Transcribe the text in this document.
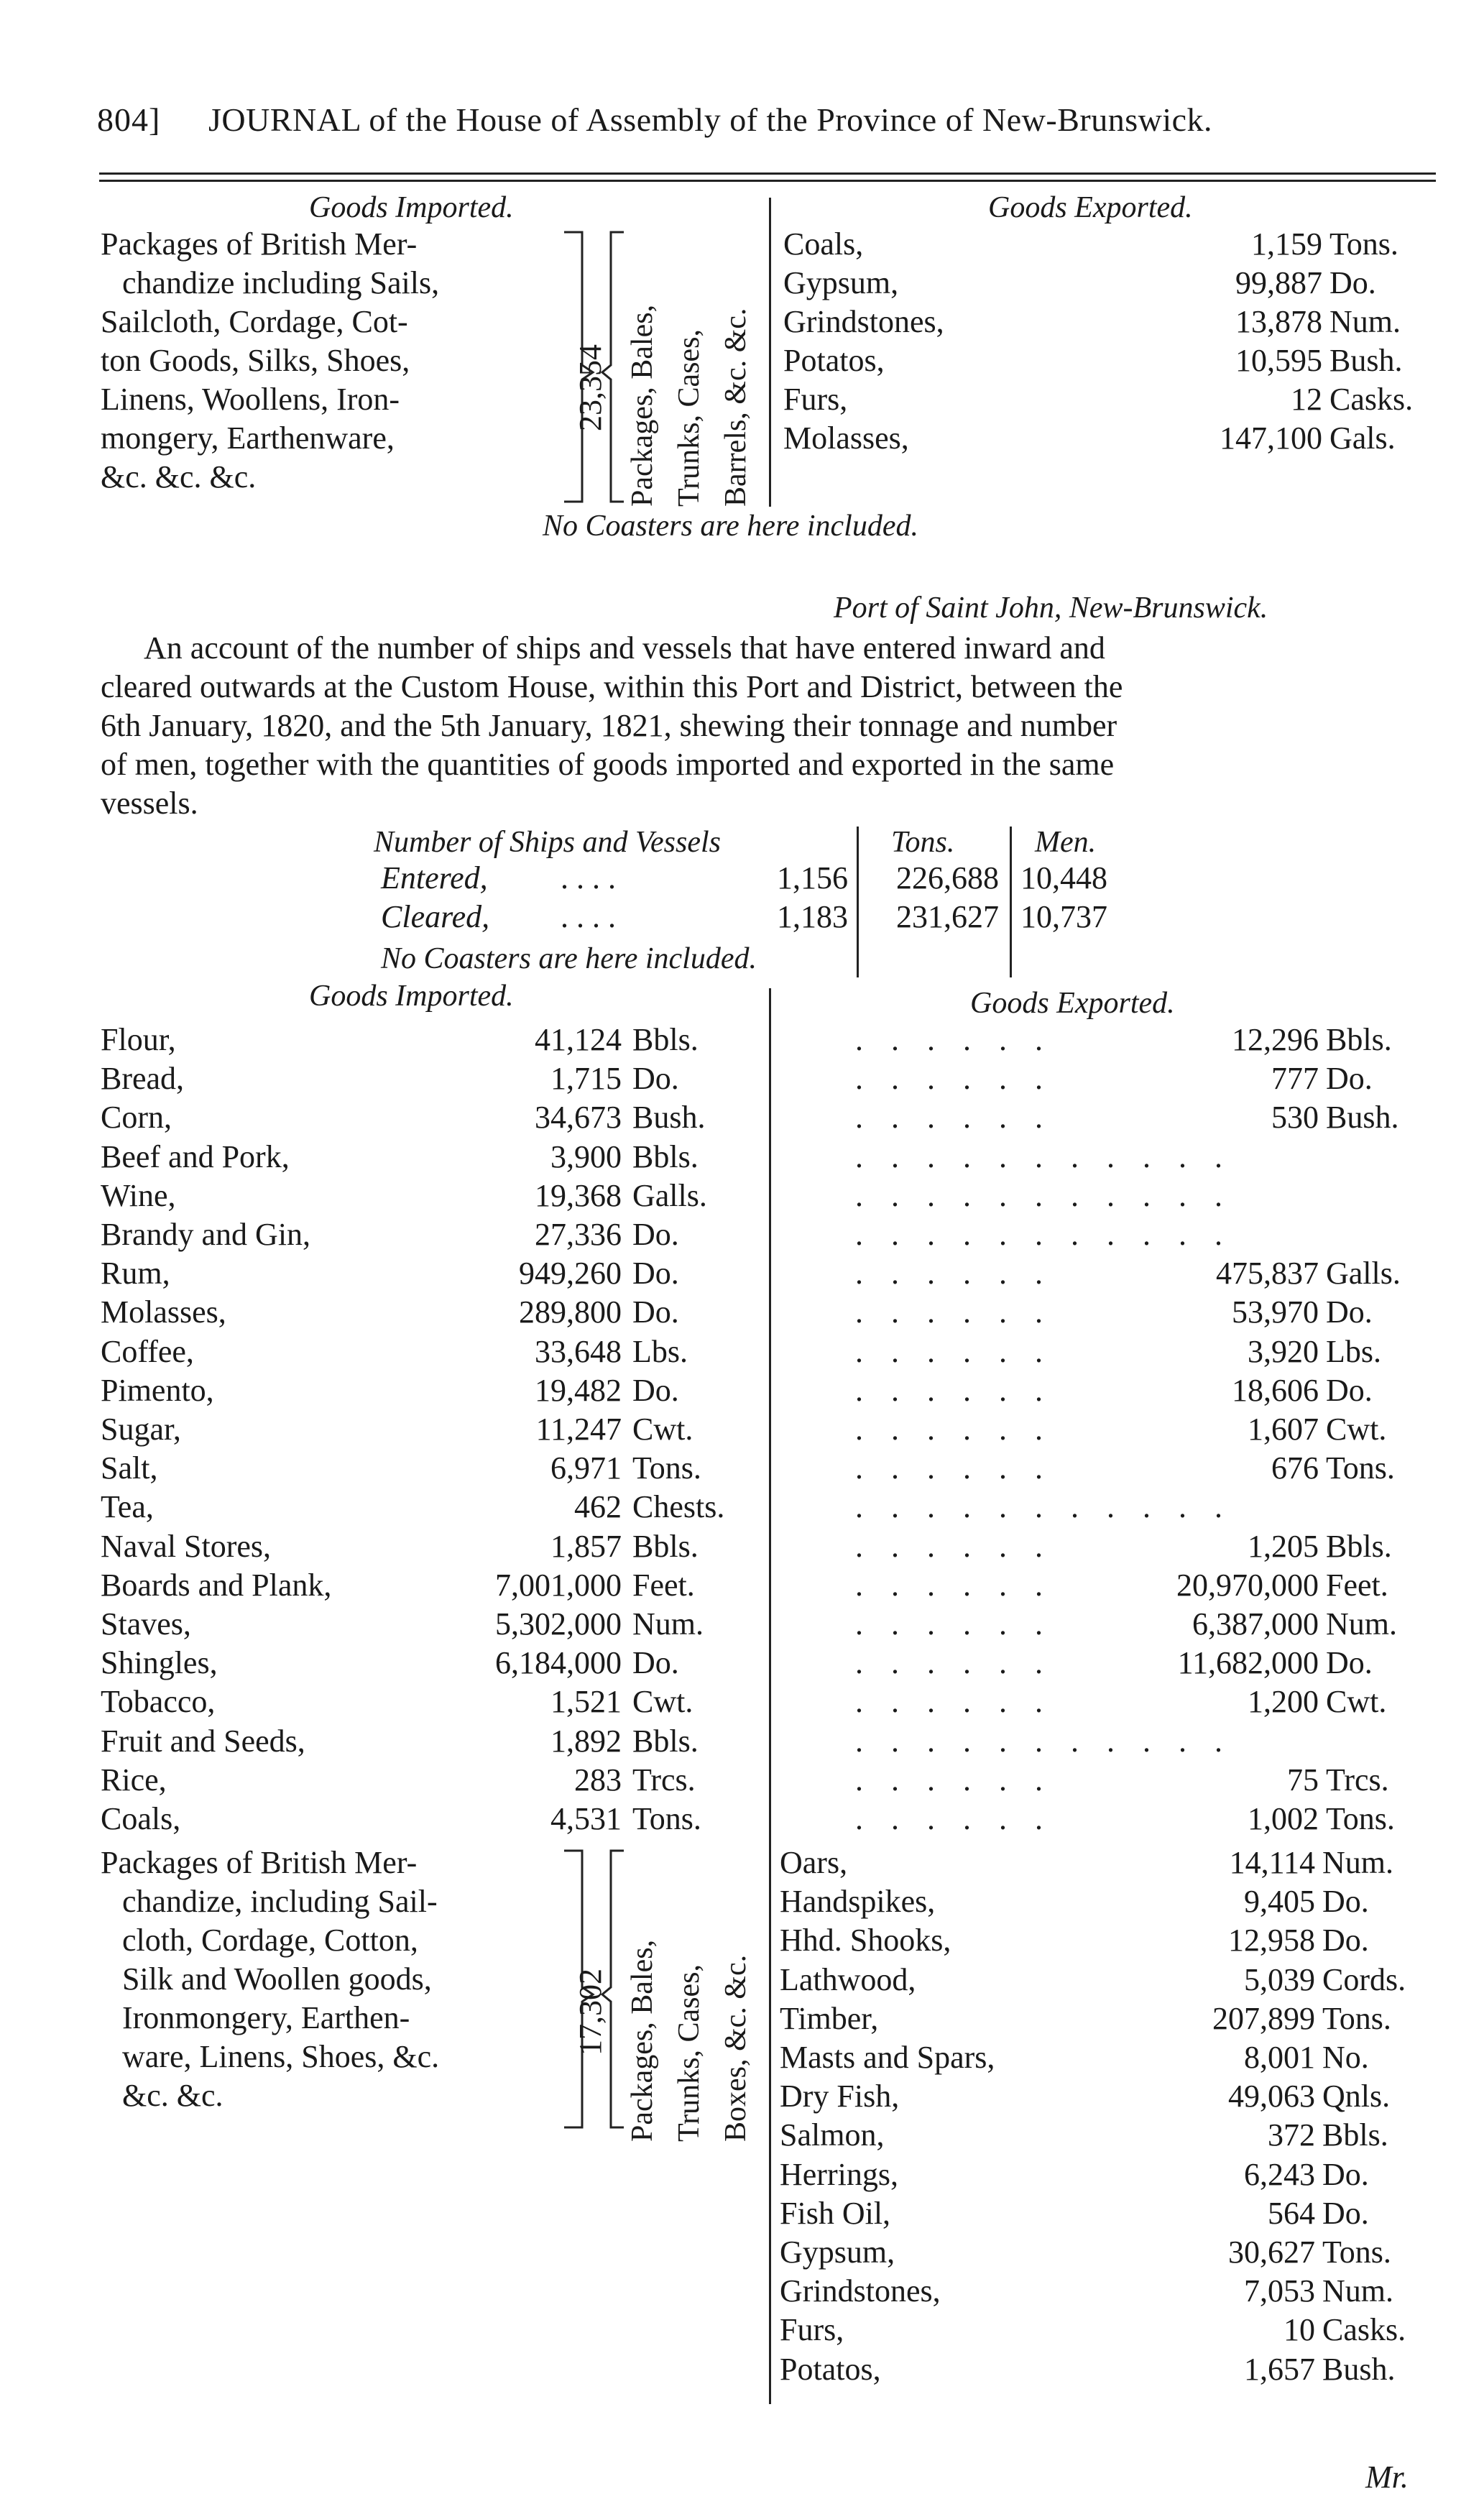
804] JOURNAL of the House of Assembly of the Province of New-Brunswick.
Goods Imported.	Goods Exported.
Packages of British Mer-
chandize including Sails,
Sailcloth, Cordage, Cot-
ton Goods, Silks, Shoes,
Linens, Woollens, Iron-
mongery, Earthenware,
&c. &c. &c.
23,354 Packages, Bales, Trunks, Cases, Barrels, &c. &c.
Coals,	1,159 Tons.
Gypsum,	99,887 Do.
Grindstones,	13,878 Num.
Potatos,	10,595 Bush.
Furs,	12 Casks.
Molasses,	147,100 Gals.
No Coasters are here included.
Port of Saint John, New-Brunswick.
An account of the number of ships and vessels that have entered inward and
cleared outwards at the Custom House, within this Port and District, between the
6th January, 1820, and the 5th January, 1821, shewing their tonnage and number
of men, together with the quantities of goods imported and exported in the same
vessels.
Number of Ships and Vessels	Tons.	Men.
Entered, . . . .	1,156	226,688 10,448
Cleared, . . . .	1,183	231,627 10,737
No Coasters are here included.
Goods Imported.	Goods Exported.
Flour,	41,124 Bbls.	. . . . . .	12,296 Bbls.
Bread,	1,715 Do.	. . . . . .	777 Do.
Corn,	34,673 Bush.	. . . . . .	530 Bush.
Beef and Pork,	3,900 Bbls.	. . . . . . . . . . .
Wine,	19,368 Galls.	. . . . . . . . . . .
Brandy and Gin,	27,336 Do.	. . . . . . . . . . .
Rum,	949,260 Do.	. . . . . .	475,837 Galls.
Molasses,	289,800 Do.	. . . . . .	53,970 Do.
Coffee,	33,648 Lbs.	. . . . . .	3,920 Lbs.
Pimento,	19,482 Do.	. . . . . .	18,606 Do.
Sugar,	11,247 Cwt.	. . . . . .	1,607 Cwt.
Salt,	6,971 Tons.	. . . . . .	676 Tons.
Tea,	462 Chests.	. . . . . . . . . . .
Naval Stores,	1,857 Bbls.	. . . . . .	1,205 Bbls.
Boards and Plank,	7,001,000 Feet.	. . . . . .	20,970,000 Feet.
Staves,	5,302,000 Num.	. . . . . .	6,387,000 Num.
Shingles,	6,184,000 Do.	. . . . . .	11,682,000 Do.
Tobacco,	1,521 Cwt.	. . . . . .	1,200 Cwt.
Fruit and Seeds,	1,892 Bbls.	. . . . . . . . . . .
Rice,	283 Trcs.	. . . . . .	75 Trcs.
Coals,	4,531 Tons.	. . . . . .	1,002 Tons.
Packages of British Mer-
chandize, including Sail-
cloth, Cordage, Cotton,
Silk and Woollen goods,
Ironmongery, Earthen-
ware, Linens, Shoes, &c.
&c. &c.
17,302 Packages, Bales, Trunks, Cases, Boxes, &c. &c.
Oars,	14,114 Num.
Handspikes,	9,405 Do.
Hhd. Shooks,	12,958 Do.
Lathwood,	5,039 Cords.
Timber,	207,899 Tons.
Masts and Spars,	8,001 No.
Dry Fish,	49,063 Qnls.
Salmon,	372 Bbls.
Herrings,	6,243 Do.
Fish Oil,	564 Do.
Gypsum,	30,627 Tons.
Grindstones,	7,053 Num.
Furs,	10 Casks.
Potatos,	1,657 Bush.
Mr.
